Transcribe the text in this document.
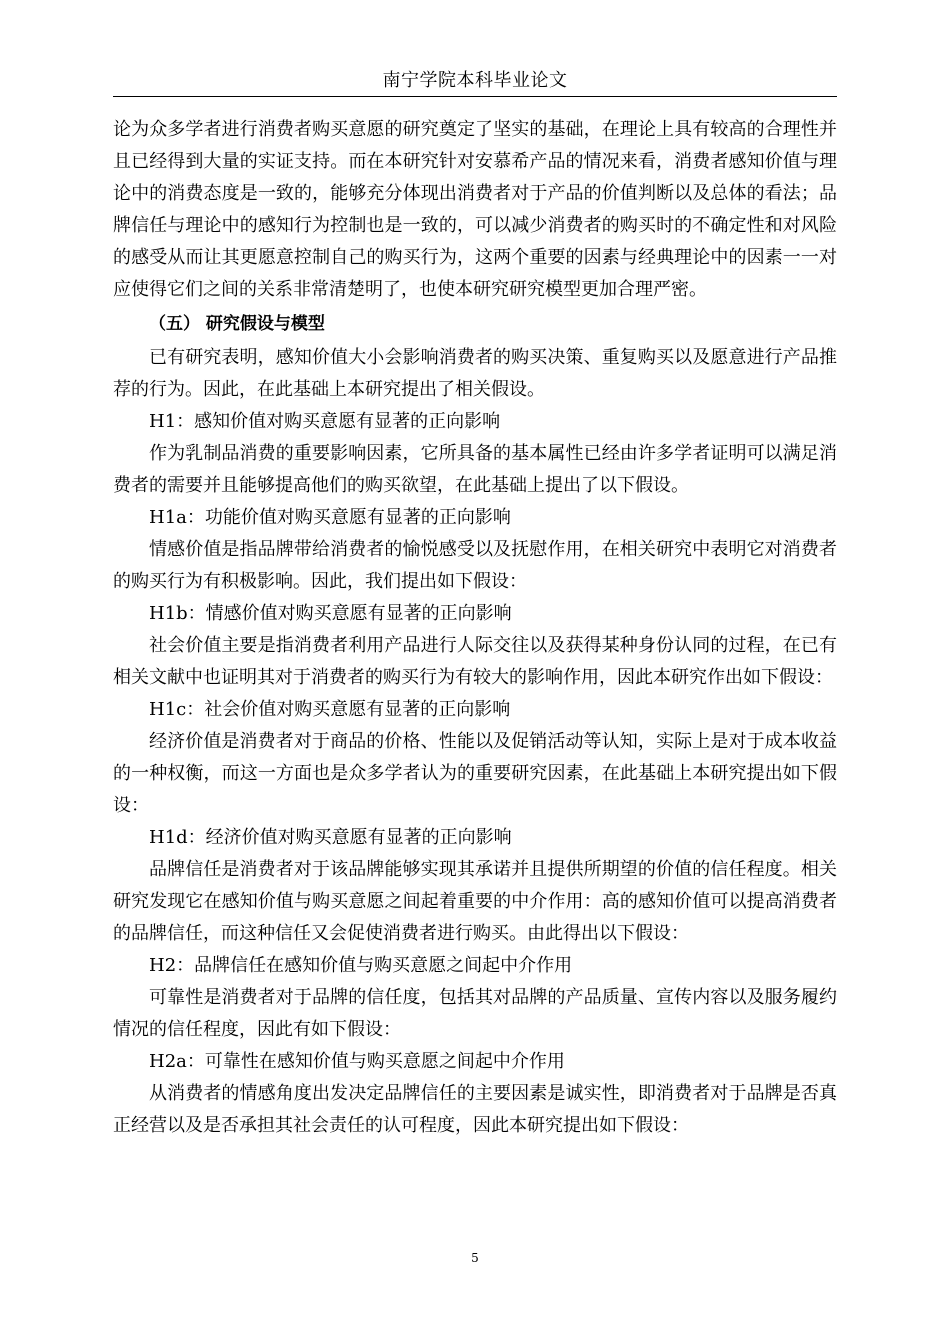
南宁学院本科毕业论文

论为众多学者进行消费者购买意愿的研究奠定了坚实的基础，在理论上具有较高的合理性并且已经得到大量的实证支持。而在本研究针对安慕希产品的情况来看，消费者感知价值与理论中的消费态度是一致的，能够充分体现出消费者对于产品的价值判断以及总体的看法；品牌信任与理论中的感知行为控制也是一致的，可以减少消费者的购买时的不确定性和对风险的感受从而让其更愿意控制自己的购买行为，这两个重要的因素与经典理论中的因素一一对应使得它们之间的关系非常清楚明了，也使本研究研究模型更加合理严密。

（五） 研究假设与模型

已有研究表明，感知价值大小会影响消费者的购买决策、重复购买以及愿意进行产品推荐的行为。因此，在此基础上本研究提出了相关假设。

H1：感知价值对购买意愿有显著的正向影响

作为乳制品消费的重要影响因素，它所具备的基本属性已经由许多学者证明可以满足消费者的需要并且能够提高他们的购买欲望，在此基础上提出了以下假设。

H1a：功能价值对购买意愿有显著的正向影响

情感价值是指品牌带给消费者的愉悦感受以及抚慰作用，在相关研究中表明它对消费者的购买行为有积极影响。因此，我们提出如下假设：

H1b：情感价值对购买意愿有显著的正向影响

社会价值主要是指消费者利用产品进行人际交往以及获得某种身份认同的过程，在已有相关文献中也证明其对于消费者的购买行为有较大的影响作用，因此本研究作出如下假设：

H1c：社会价值对购买意愿有显著的正向影响

经济价值是消费者对于商品的价格、性能以及促销活动等认知，实际上是对于成本收益的一种权衡，而这一方面也是众多学者认为的重要研究因素，在此基础上本研究提出如下假设：

H1d：经济价值对购买意愿有显著的正向影响

品牌信任是消费者对于该品牌能够实现其承诺并且提供所期望的价值的信任程度。相关研究发现它在感知价值与购买意愿之间起着重要的中介作用：高的感知价值可以提高消费者的品牌信任，而这种信任又会促使消费者进行购买。由此得出以下假设：

H2：品牌信任在感知价值与购买意愿之间起中介作用

可靠性是消费者对于品牌的信任度，包括其对品牌的产品质量、宣传内容以及服务履约情况的信任程度，因此有如下假设：

H2a：可靠性在感知价值与购买意愿之间起中介作用

从消费者的情感角度出发决定品牌信任的主要因素是诚实性，即消费者对于品牌是否真正经营以及是否承担其社会责任的认可程度，因此本研究提出如下假设：

5
